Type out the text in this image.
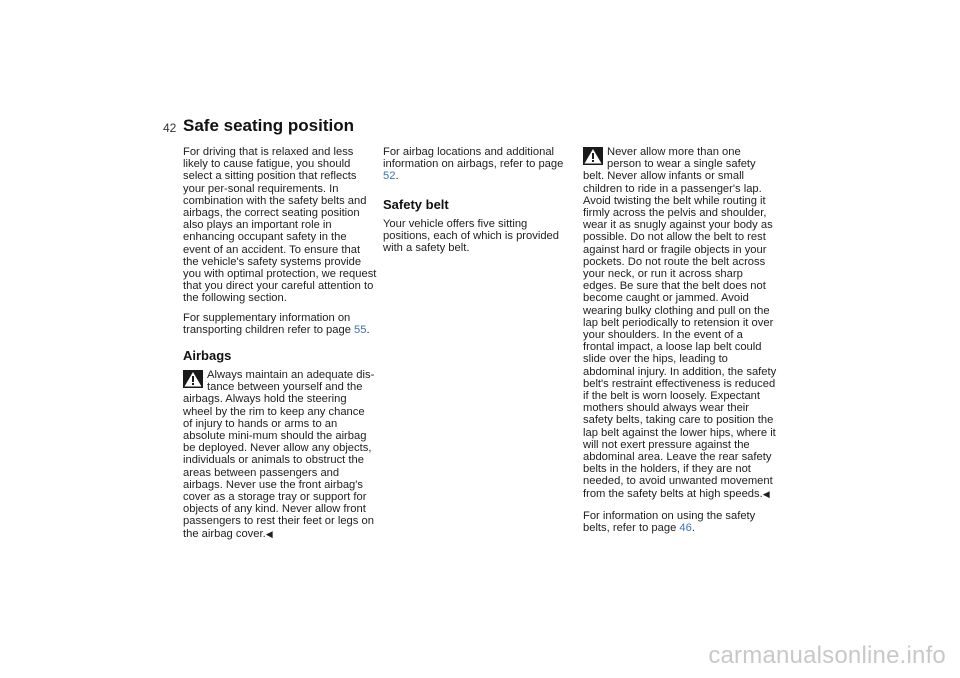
42 Safe seating position

For driving that is relaxed and less likely to cause fatigue, you should select a sitting position that reflects your per-sonal requirements. In combination with the safety belts and airbags, the correct seating position also plays an important role in enhancing occupant safety in the event of an accident. To ensure that the vehicle's safety systems provide you with optimal protection, we request that you direct your careful attention to the following section.

For supplementary information on transporting children refer to page 55.

Airbags

Always maintain an adequate dis-tance between yourself and the airbags. Always hold the steering wheel by the rim to keep any chance of injury to hands or arms to an absolute mini-mum should the airbag be deployed. Never allow any objects, individuals or animals to obstruct the areas between passengers and airbags. Never use the front airbag's cover as a storage tray or support for objects of any kind. Never allow front passengers to rest their feet or legs on the airbag cover.◀

For airbag locations and additional information on airbags, refer to page 52.

Safety belt

Your vehicle offers five sitting positions, each of which is provided with a safety belt.

Never allow more than one person to wear a single safety belt. Never allow infants or small children to ride in a passenger's lap. Avoid twisting the belt while routing it firmly across the pelvis and shoulder, wear it as snugly against your body as possible. Do not allow the belt to rest against hard or fragile objects in your pockets. Do not route the belt across your neck, or run it across sharp edges. Be sure that the belt does not become caught or jammed. Avoid wearing bulky clothing and pull on the lap belt periodically to retension it over your shoulders. In the event of a frontal impact, a loose lap belt could slide over the hips, leading to abdominal injury. In addition, the safety belt's restraint effectiveness is reduced if the belt is worn loosely. Expectant mothers should always wear their safety belts, taking care to position the lap belt against the lower hips, where it will not exert pressure against the abdominal area. Leave the rear safety belts in the holders, if they are not needed, to avoid unwanted movement from the safety belts at high speeds.◀

For information on using the safety belts, refer to page 46.

carmanualsonline.info
